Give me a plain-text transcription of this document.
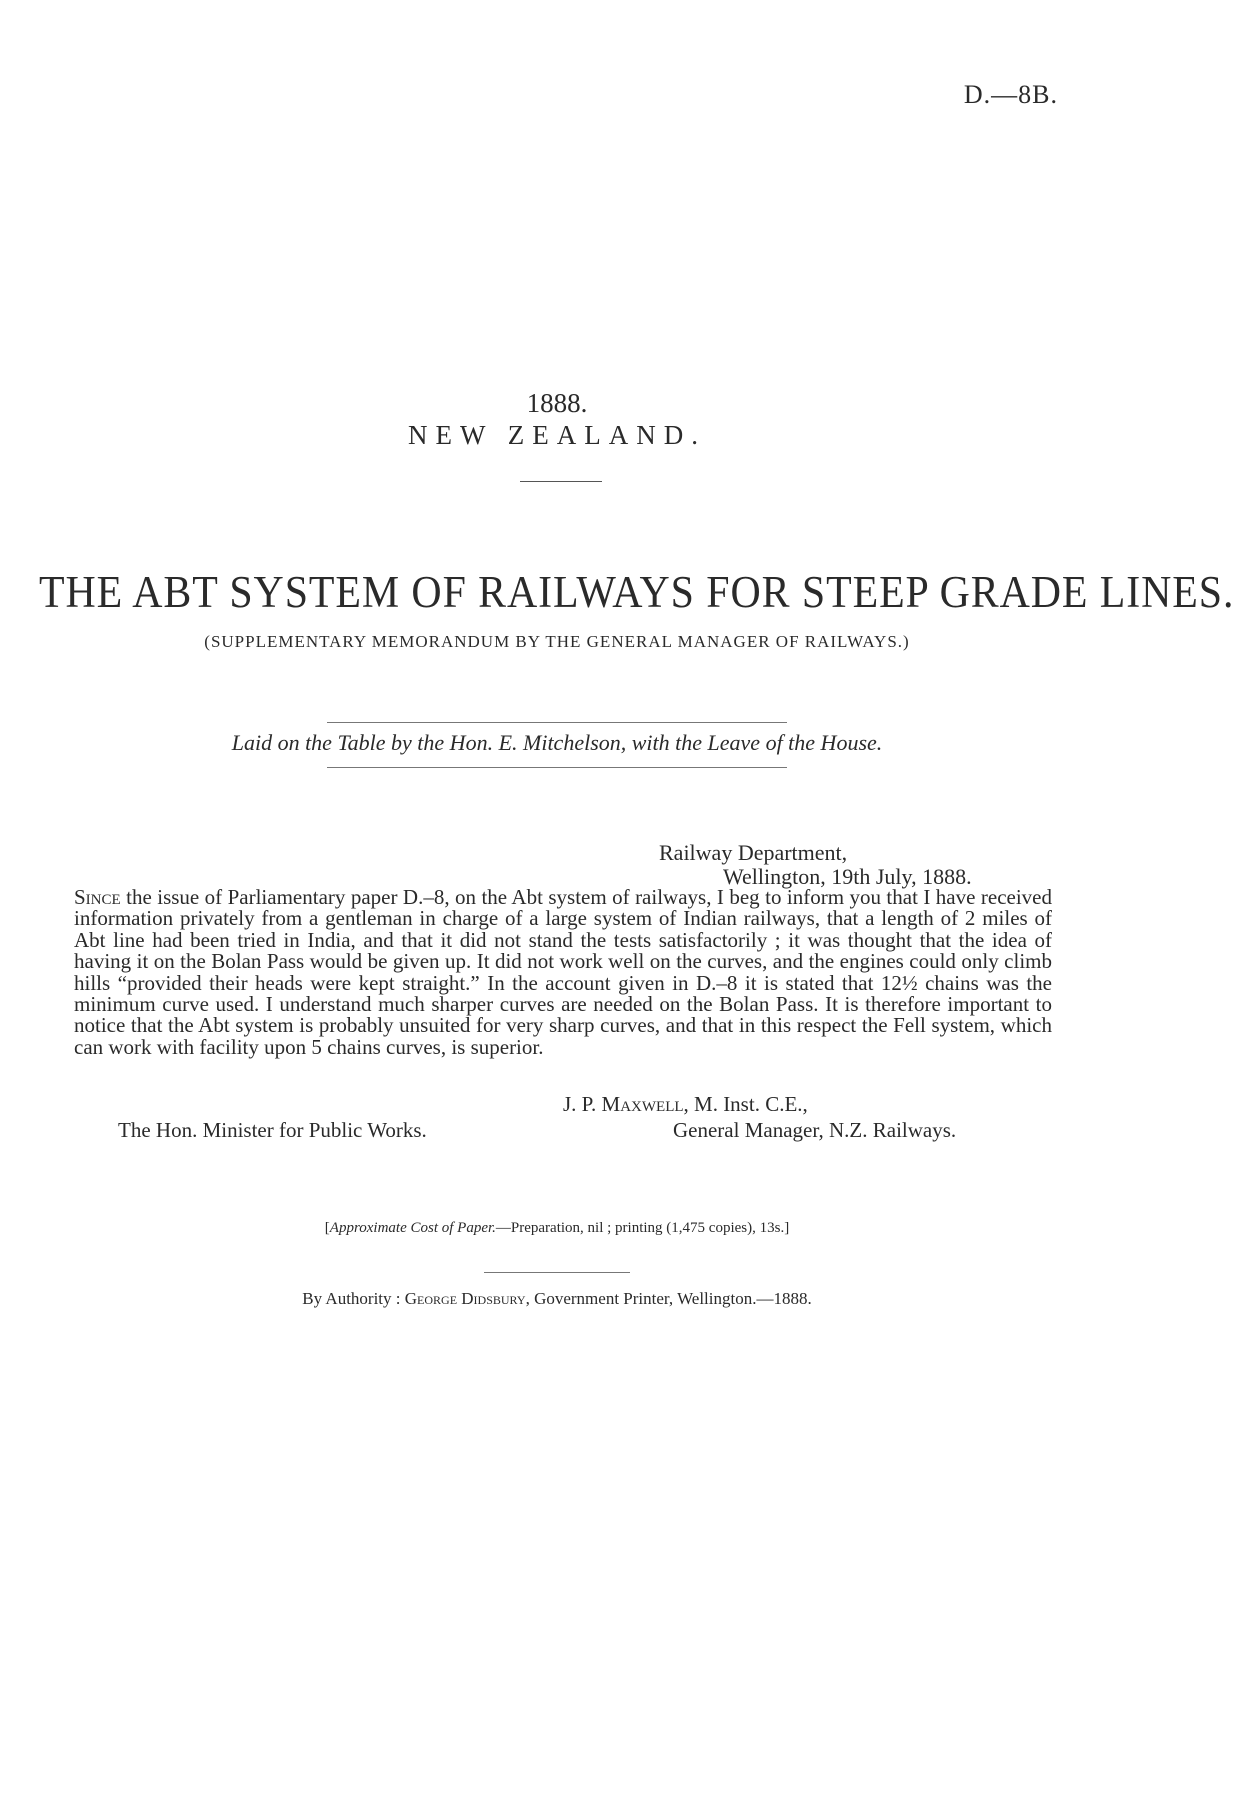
D.—8B.
1888.
NEW ZEALAND.
THE ABT SYSTEM OF RAILWAYS FOR STEEP GRADE LINES.
(SUPPLEMENTARY MEMORANDUM BY THE GENERAL MANAGER OF RAILWAYS.)
Laid on the Table by the Hon. E. Mitchelson, with the Leave of the House.
Railway Department,
Wellington, 19th July, 1888.
Since the issue of Parliamentary paper D.–8, on the Abt system of railways, I beg to inform you that I have received information privately from a gentleman in charge of a large system of Indian railways, that a length of 2 miles of Abt line had been tried in India, and that it did not stand the tests satisfactorily ; it was thought that the idea of having it on the Bolan Pass would be given up. It did not work well on the curves, and the engines could only climb hills “provided their heads were kept straight.” In the account given in D.–8 it is stated that 12½ chains was the minimum curve used. I understand much sharper curves are needed on the Bolan Pass. It is therefore important to notice that the Abt system is probably unsuited for very sharp curves, and that in this respect the Fell system, which can work with facility upon 5 chains curves, is superior.
J. P. Maxwell, M. Inst. C.E.,
The Hon. Minister for Public Works.	General Manager, N.Z. Railways.
[Approximate Cost of Paper.—Preparation, nil ; printing (1,475 copies), 13s.]
By Authority : George Didsbury, Government Printer, Wellington.—1888.
